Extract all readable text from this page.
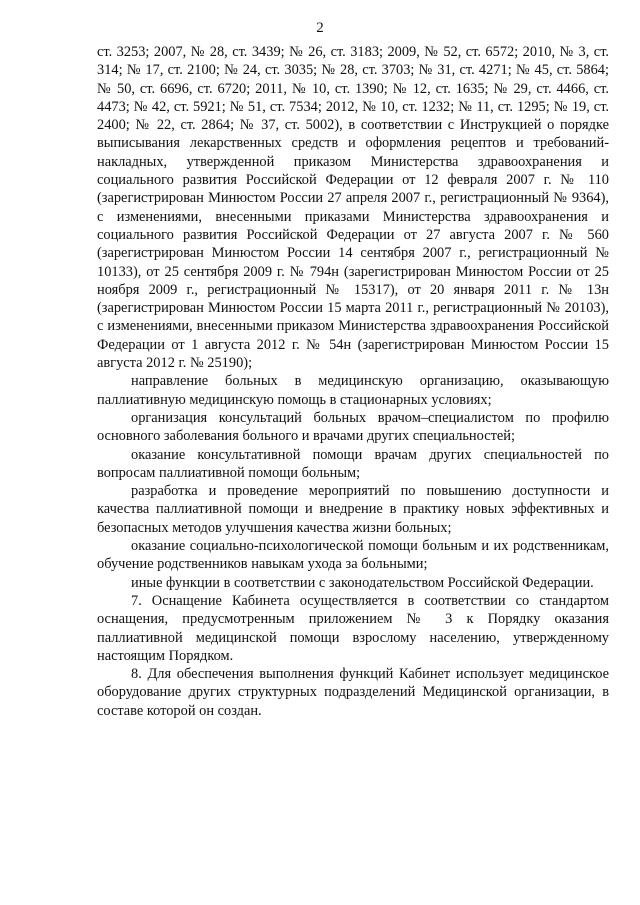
2

ст. 3253; 2007, № 28, ст. 3439; № 26, ст. 3183; 2009, № 52, ст. 6572; 2010, № 3, ст. 314; № 17, ст. 2100; № 24, ст. 3035; № 28, ст. 3703; № 31, ст. 4271; № 45, ст. 5864; № 50, ст. 6696, ст. 6720; 2011, № 10, ст. 1390; № 12, ст. 1635; № 29, ст. 4466, ст. 4473; № 42, ст. 5921; № 51, ст. 7534; 2012, № 10, ст. 1232; № 11, ст. 1295; № 19, ст. 2400; № 22, ст. 2864; № 37, ст. 5002), в соответствии с Инструкцией о порядке выписывания лекарственных средств и оформления рецептов и требований-накладных, утвержденной приказом Министерства здравоохранения и социального развития Российской Федерации от 12 февраля 2007 г. № 110 (зарегистрирован Минюстом России 27 апреля 2007 г., регистрационный № 9364), с изменениями, внесенными приказами Министерства здравоохранения и социального развития Российской Федерации от 27 августа 2007 г. № 560 (зарегистрирован Минюстом России 14 сентября 2007 г., регистрационный № 10133), от 25 сентября 2009 г. № 794н (зарегистрирован Минюстом России от 25 ноября 2009 г., регистрационный № 15317), от 20 января 2011 г. № 13н (зарегистрирован Минюстом России 15 марта 2011 г., регистрационный № 20103), с изменениями, внесенными приказом Министерства здравоохранения Российской Федерации от 1 августа 2012 г. № 54н (зарегистрирован Минюстом России 15 августа 2012 г. № 25190);

направление больных в медицинскую организацию, оказывающую паллиативную медицинскую помощь в стационарных условиях;

организация консультаций больных врачом–специалистом по профилю основного заболевания больного и врачами других специальностей;

оказание консультативной помощи врачам других специальностей по вопросам паллиативной помощи больным;

разработка и проведение мероприятий по повышению доступности и качества паллиативной помощи и внедрение в практику новых эффективных и безопасных методов улучшения качества жизни больных;

оказание социально-психологической помощи больным и их родственникам, обучение родственников навыкам ухода за больными;

иные функции в соответствии с законодательством Российской Федерации.

7. Оснащение Кабинета осуществляется в соответствии со стандартом оснащения, предусмотренным приложением № 3 к Порядку оказания паллиативной медицинской помощи взрослому населению, утвержденному настоящим Порядком.

8. Для обеспечения выполнения функций Кабинет использует медицинское оборудование других структурных подразделений Медицинской организации, в составе которой он создан.
